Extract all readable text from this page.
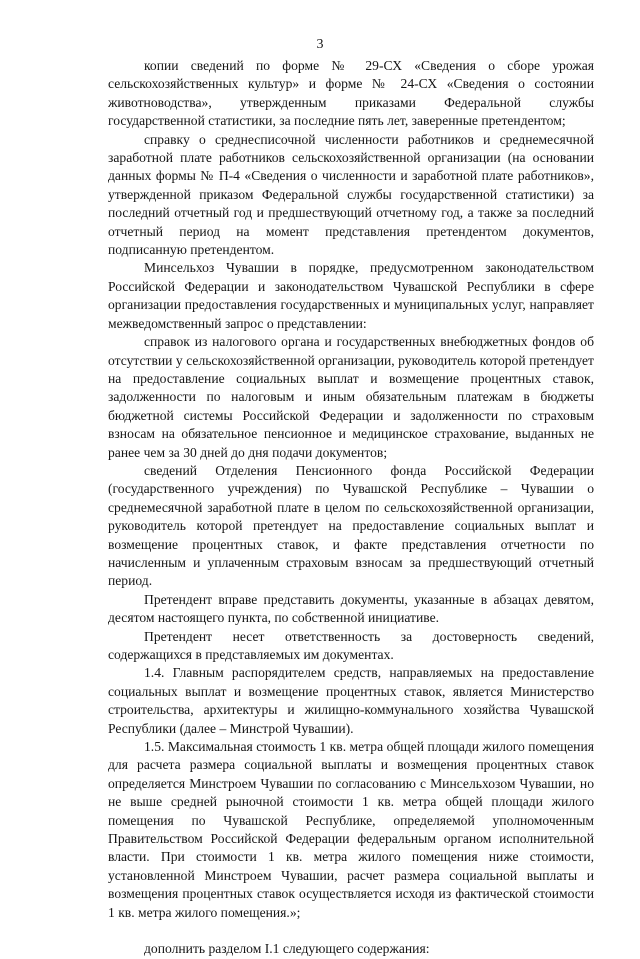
3

копии сведений по форме № 29-СХ «Сведения о сборе урожая сельскохозяйственных культур» и форме № 24-СХ «Сведения о состоянии животноводства», утвержденным приказами Федеральной службы государственной статистики, за последние пять лет, заверенные претендентом;

справку о среднесписочной численности работников и среднемесячной заработной плате работников сельскохозяйственной организации (на основании данных формы № П-4 «Сведения о численности и заработной плате работников», утвержденной приказом Федеральной службы государственной статистики) за последний отчетный год и предшествующий отчетному год, а также за последний отчетный период на момент представления претендентом документов, подписанную претендентом.

Минсельхоз Чувашии в порядке, предусмотренном законодательством Российской Федерации и законодательством Чувашской Республики в сфере организации предоставления государственных и муниципальных услуг, направляет межведомственный запрос о представлении:

справок из налогового органа и государственных внебюджетных фондов об отсутствии у сельскохозяйственной организации, руководитель которой претендует на предоставление социальных выплат и возмещение процентных ставок, задолженности по налоговым и иным обязательным платежам в бюджеты бюджетной системы Российской Федерации и задолженности по страховым взносам на обязательное пенсионное и медицинское страхование, выданных не ранее чем за 30 дней до дня подачи документов;

сведений Отделения Пенсионного фонда Российской Федерации (государственного учреждения) по Чувашской Республике – Чувашии о среднемесячной заработной плате в целом по сельскохозяйственной организации, руководитель которой претендует на предоставление социальных выплат и возмещение процентных ставок, и факте представления отчетности по начисленным и уплаченным страховым взносам за предшествующий отчетный период.

Претендент вправе представить документы, указанные в абзацах девятом, десятом настоящего пункта, по собственной инициативе.

Претендент несет ответственность за достоверность сведений, содержащихся в представляемых им документах.

1.4. Главным распорядителем средств, направляемых на предоставление социальных выплат и возмещение процентных ставок, является Министерство строительства, архитектуры и жилищно-коммунального хозяйства Чувашской Республики (далее – Минстрой Чувашии).

1.5. Максимальная стоимость 1 кв. метра общей площади жилого помещения для расчета размера социальной выплаты и возмещения процентных ставок определяется Минстроем Чувашии по согласованию с Минсельхозом Чувашии, но не выше средней рыночной стоимости 1 кв. метра общей площади жилого помещения по Чувашской Республике, определяемой уполномоченным Правительством Российской Федерации федеральным органом исполнительной власти. При стоимости 1 кв. метра жилого помещения ниже стоимости, установленной Минстроем Чувашии, расчет размера социальной выплаты и возмещения процентных ставок осуществляется исходя из фактической стоимости 1 кв. метра жилого помещения.»;

дополнить разделом I.1 следующего содержания:
